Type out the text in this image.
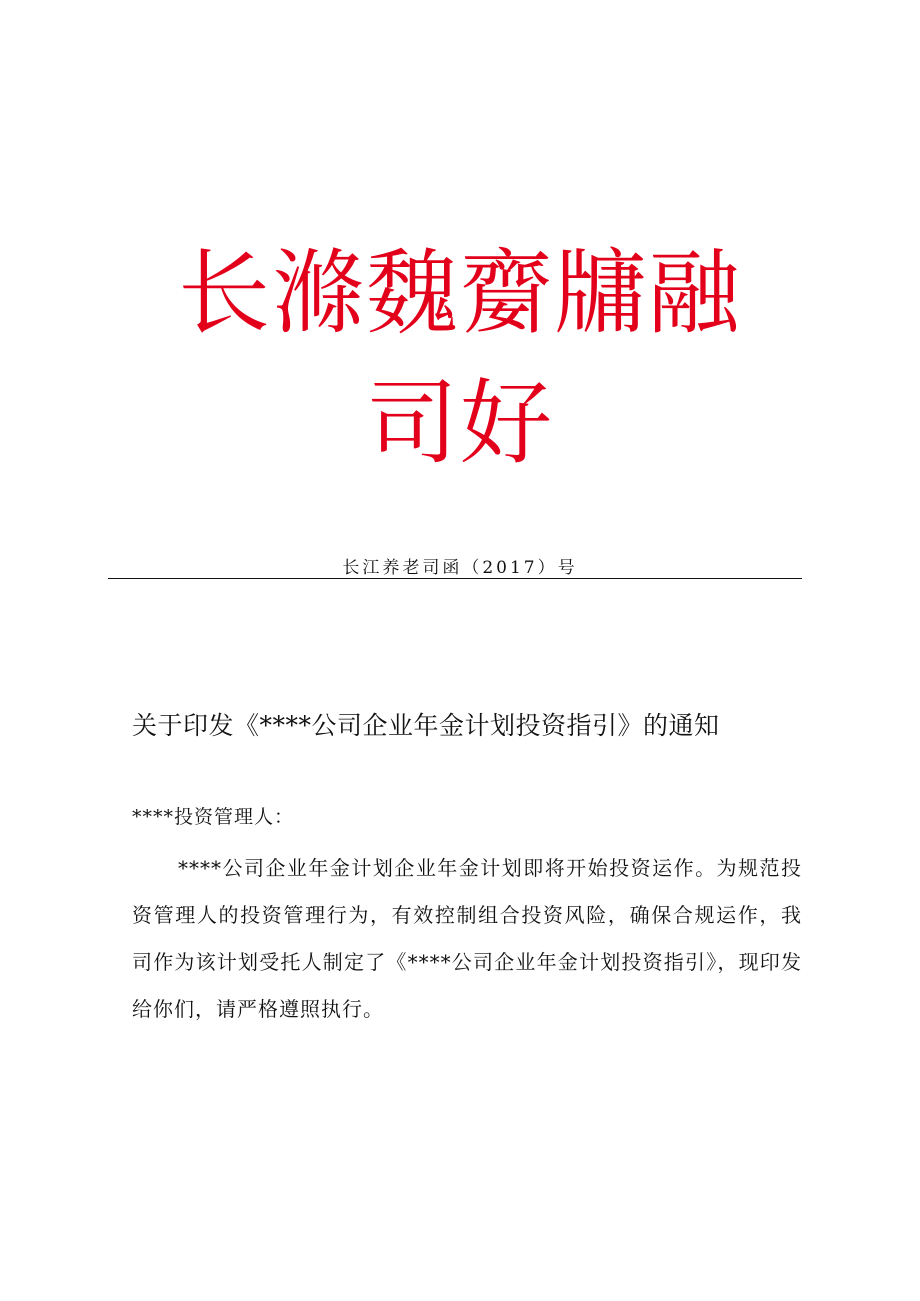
长滌魏䶒牗融
司好
长江养老司函（2017）号
关于印发《****公司企业年金计划投资指引》的通知
****投资管理人：

****公司企业年金计划企业年金计划即将开始投资运作。为规范投资管理人的投资管理行为，有效控制组合投资风险，确保合规运作，我司作为该计划受托人制定了《****公司企业年金计划投资指引》，现印发给你们，请严格遵照执行。
